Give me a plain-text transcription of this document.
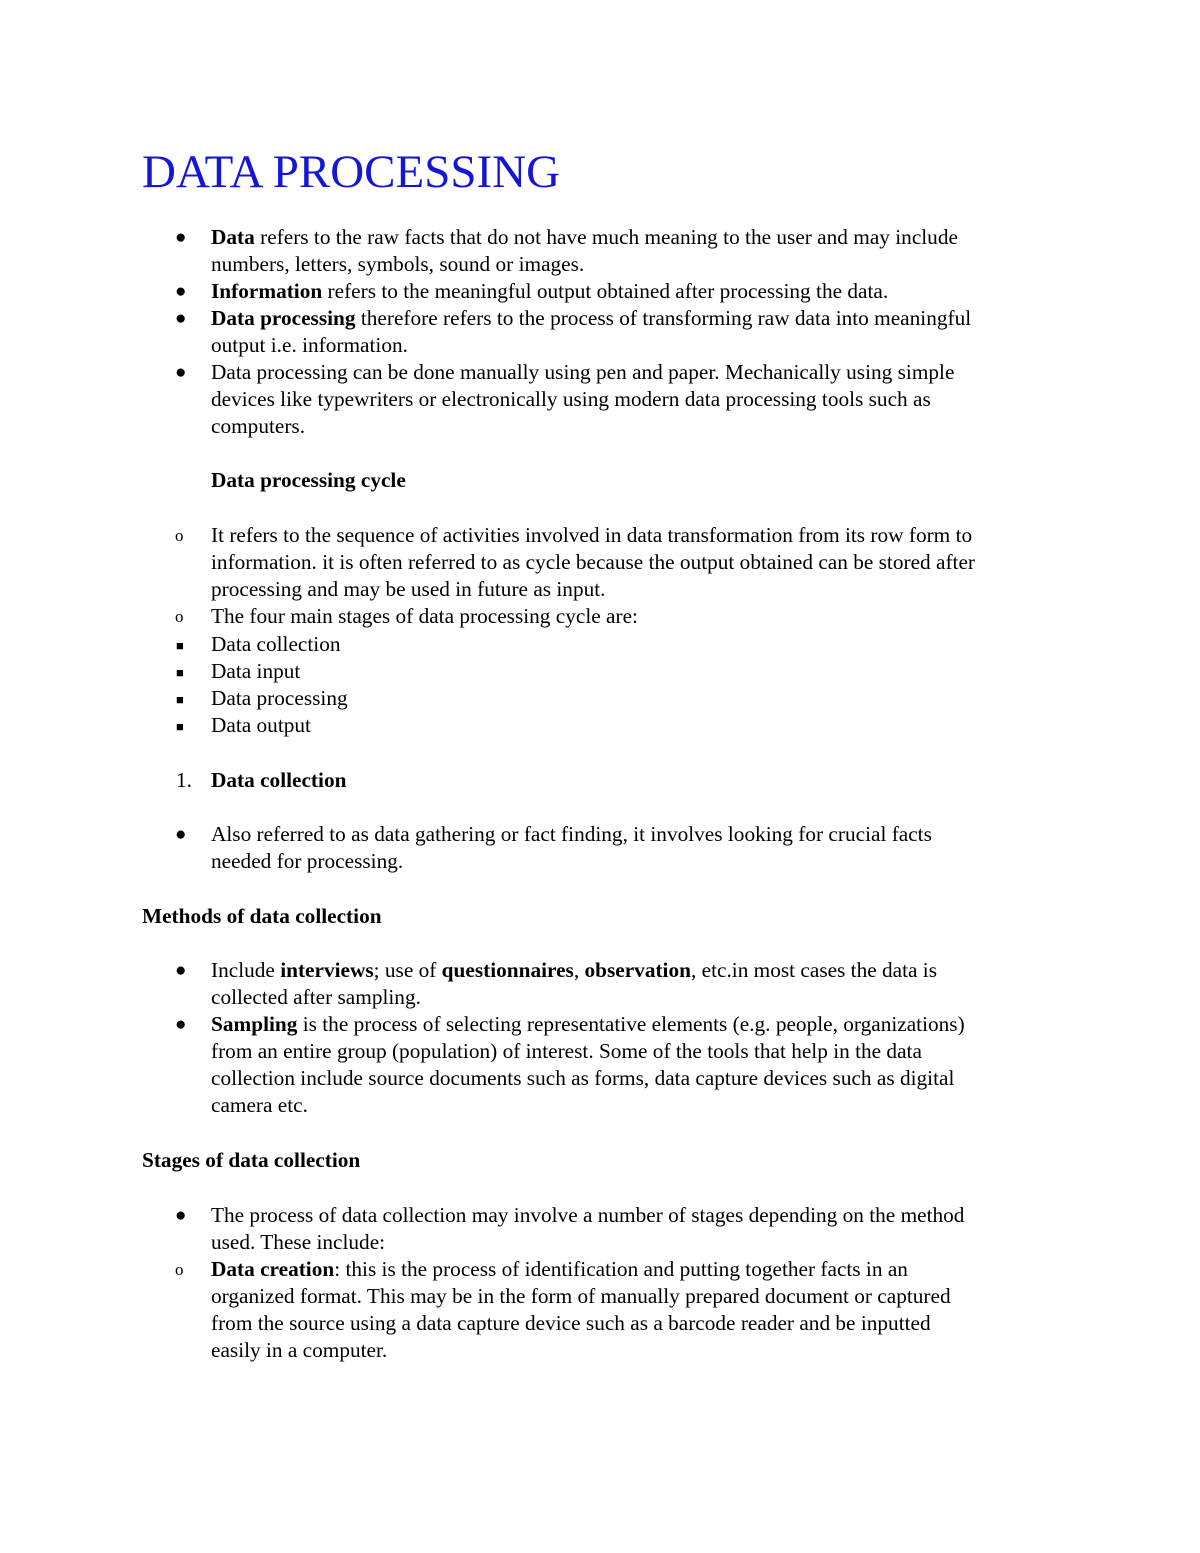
DATA PROCESSING
● Data refers to the raw facts that do not have much meaning to the user and may include
numbers, letters, symbols, sound or images.
● Information refers to the meaningful output obtained after processing the data.
● Data processing therefore refers to the process of transforming raw data into meaningful
output i.e. information.
● Data processing can be done manually using pen and paper. Mechanically using simple
devices like typewriters or electronically using modern data processing tools such as
computers.
Data processing cycle
o It refers to the sequence of activities involved in data transformation from its row form to
information. it is often referred to as cycle because the output obtained can be stored after
processing and may be used in future as input.
o The four main stages of data processing cycle are:
■ Data collection
■ Data input
■ Data processing
■ Data output
1. Data collection
● Also referred to as data gathering or fact finding, it involves looking for crucial facts
needed for processing.
Methods of data collection
● Include interviews; use of questionnaires, observation, etc.in most cases the data is
collected after sampling.
● Sampling is the process of selecting representative elements (e.g. people, organizations)
from an entire group (population) of interest. Some of the tools that help in the data
collection include source documents such as forms, data capture devices such as digital
camera etc.
Stages of data collection
● The process of data collection may involve a number of stages depending on the method
used. These include:
o Data creation: this is the process of identification and putting together facts in an
organized format. This may be in the form of manually prepared document or captured
from the source using a data capture device such as a barcode reader and be inputted
easily in a computer.
